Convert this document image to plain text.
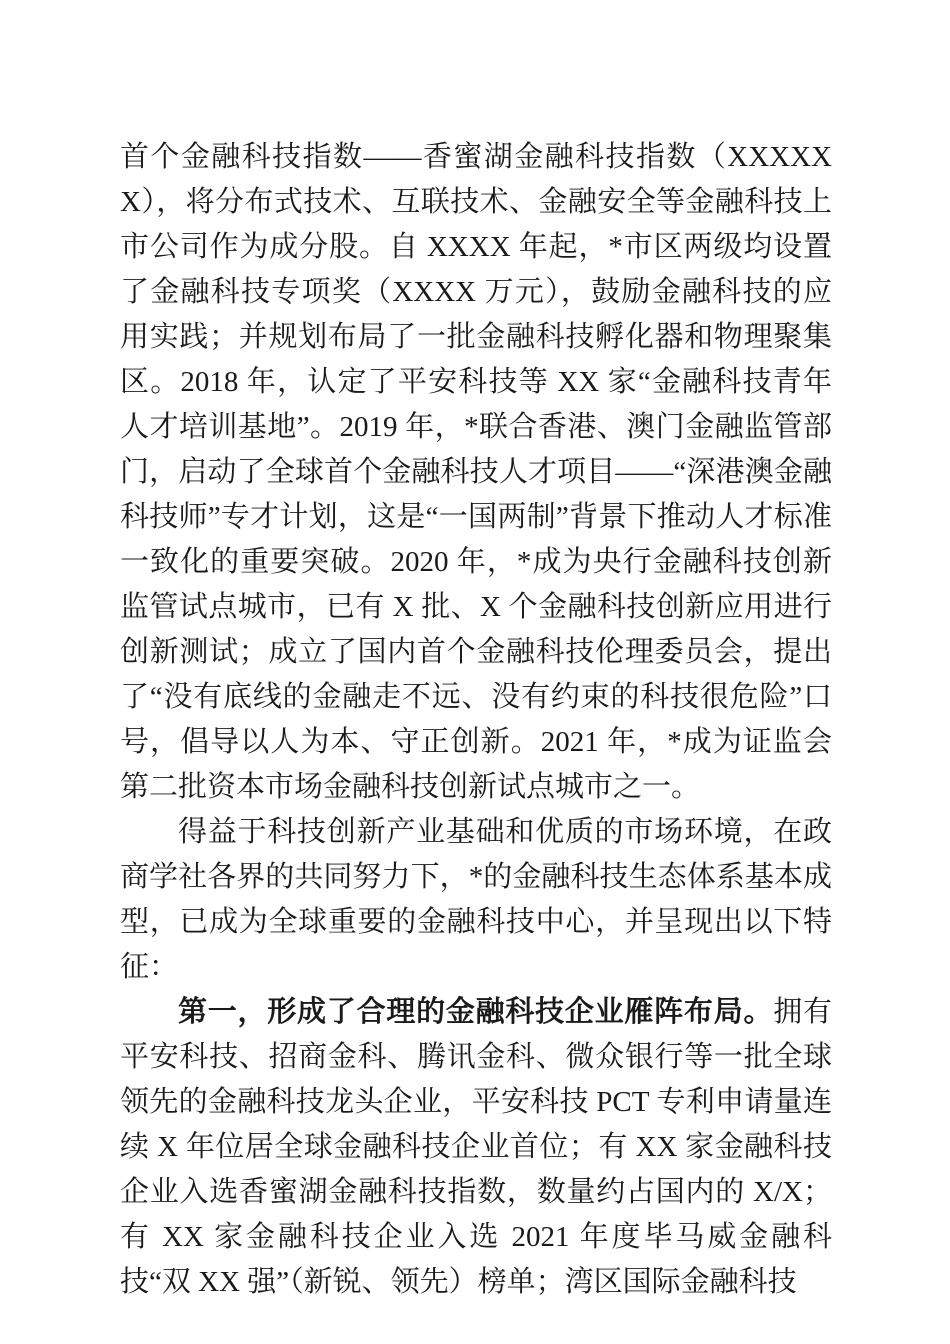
首个金融科技指数——香蜜湖金融科技指数（XXXXXX），将分布式技术、互联技术、金融安全等金融科技上市公司作为成分股。自 XXXX 年起，*市区两级均设置了金融科技专项奖（XXXX 万元），鼓励金融科技的应用实践；并规划布局了一批金融科技孵化器和物理聚集区。2018 年，认定了平安科技等 XX 家“金融科技青年人才培训基地”。2019 年，*联合香港、澳门金融监管部门，启动了全球首个金融科技人才项目——“深港澳金融科技师”专才计划，这是“一国两制”背景下推动人才标准一致化的重要突破。2020 年，*成为央行金融科技创新监管试点城市，已有 X 批、X 个金融科技创新应用进行创新测试；成立了国内首个金融科技伦理委员会，提出了“没有底线的金融走不远、没有约束的科技很危险”口号，倡导以人为本、守正创新。2021 年，*成为证监会第二批资本市场金融科技创新试点城市之一。

得益于科技创新产业基础和优质的市场环境，在政商学社各界的共同努力下，*的金融科技生态体系基本成型，已成为全球重要的金融科技中心，并呈现出以下特征：

第一，形成了合理的金融科技企业雁阵布局。拥有平安科技、招商金科、腾讯金科、微众银行等一批全球领先的金融科技龙头企业，平安科技 PCT 专利申请量连续 X 年位居全球金融科技企业首位；有 XX 家金融科技企业入选香蜜湖金融科技指数，数量约占国内的 X/X；有 XX 家金融科技企业入选 2021 年度毕马威金融科技“双 XX 强”（新锐、领先）榜单；湾区国际金融科技
